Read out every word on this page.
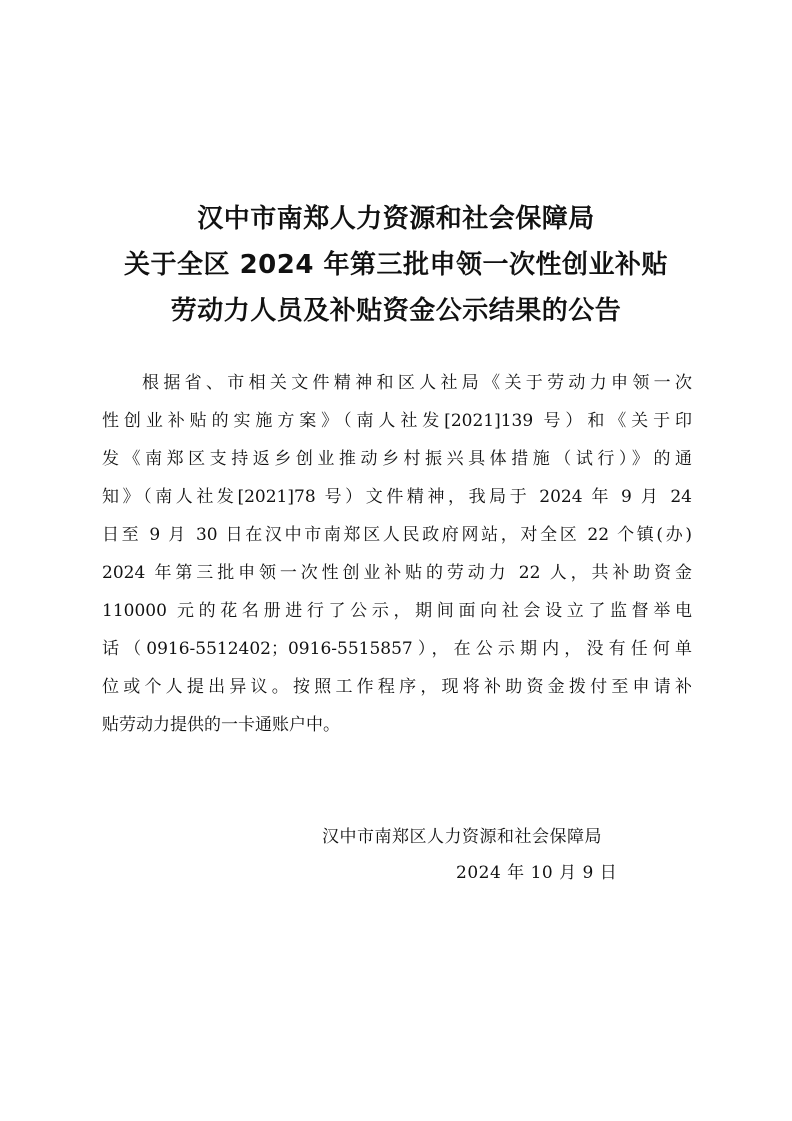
汉中市南郑人力资源和社会保障局
关于全区 2024 年第三批申领一次性创业补贴
劳动力人员及补贴资金公示结果的公告
根据省、市相关文件精神和区人社局《关于劳动力申领一次
性创业补贴的实施方案》（南人社发[2021]139 号）和《关于印
发《南郑区支持返乡创业推动乡村振兴具体措施（试行）》的通
知》（南人社发[2021]78 号）文件精神，我局于 2024 年 9 月 24
日至 9 月 30 日在汉中市南郑区人民政府网站，对全区 22 个镇(办)
2024 年第三批申领一次性创业补贴的劳动力 22 人，共补助资金
110000 元的花名册进行了公示，期间面向社会设立了监督举电
话（0916-5512402；0916-5515857），在公示期内，没有任何单
位或个人提出异议。按照工作程序，现将补助资金拨付至申请补
贴劳动力提供的一卡通账户中。
汉中市南郑区人力资源和社会保障局
2024 年 10 月 9 日
